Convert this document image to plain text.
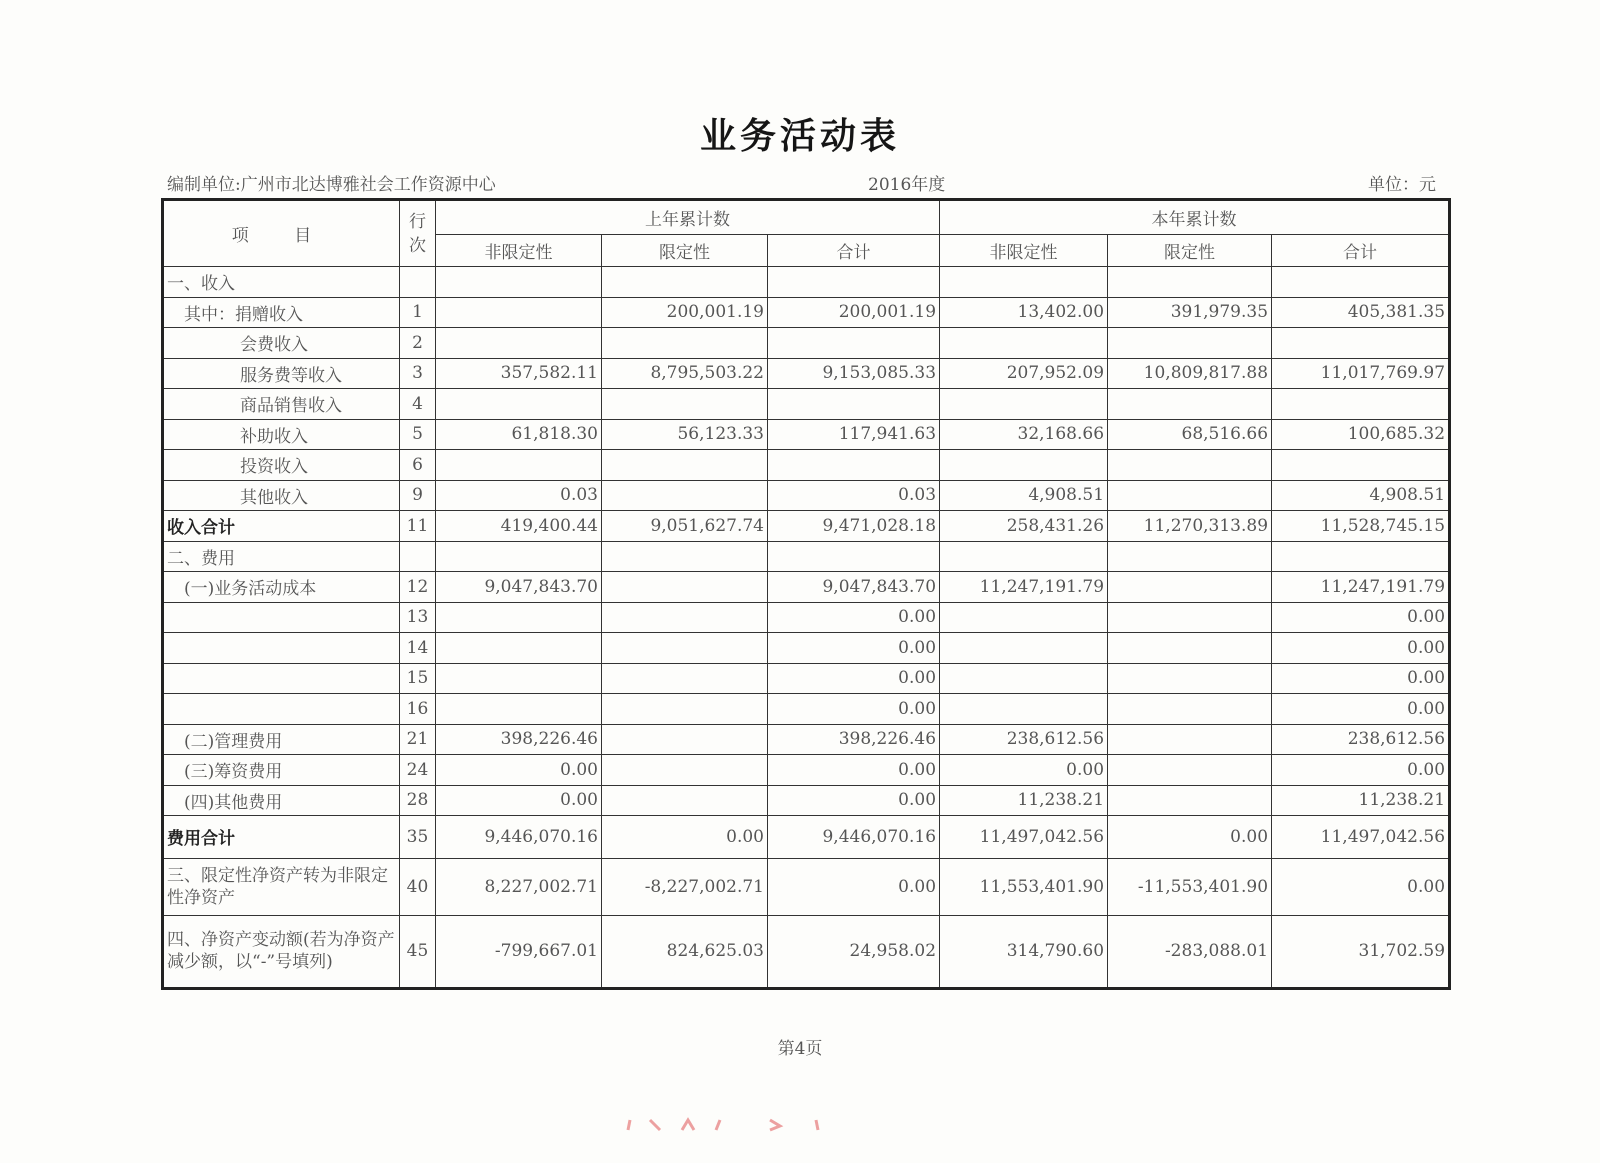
业务活动表
编制单位:广州市北达博雅社会工作资源中心	2016年度	单位：元
项 目	行次	上年累计数			本年累计数		
		非限定性	限定性	合计	非限定性	限定性	合计
一、收入							
其中：捐赠收入	1		200,001.19	200,001.19	13,402.00	391,979.35	405,381.35
会费收入	2						
服务费等收入	3	357,582.11	8,795,503.22	9,153,085.33	207,952.09	10,809,817.88	11,017,769.97
商品销售收入	4						
补助收入	5	61,818.30	56,123.33	117,941.63	32,168.66	68,516.66	100,685.32
投资收入	6						
其他收入	9	0.03		0.03	4,908.51		4,908.51
收入合计	11	419,400.44	9,051,627.74	9,471,028.18	258,431.26	11,270,313.89	11,528,745.15
二、费用							
(一)业务活动成本	12	9,047,843.70		9,047,843.70	11,247,191.79		11,247,191.79
	13			0.00			0.00
	14			0.00			0.00
	15			0.00			0.00
	16			0.00			0.00
(二)管理费用	21	398,226.46		398,226.46	238,612.56		238,612.56
(三)筹资费用	24	0.00		0.00	0.00		0.00
(四)其他费用	28	0.00		0.00	11,238.21		11,238.21
费用合计	35	9,446,070.16	0.00	9,446,070.16	11,497,042.56	0.00	11,497,042.56
三、限定性净资产转为非限定性净资产	40	8,227,002.71	-8,227,002.71	0.00	11,553,401.90	-11,553,401.90	0.00
四、净资产变动额(若为净资产减少额，以“-”号填列)	45	-799,667.01	824,625.03	24,958.02	314,790.60	-283,088.01	31,702.59
第4页
